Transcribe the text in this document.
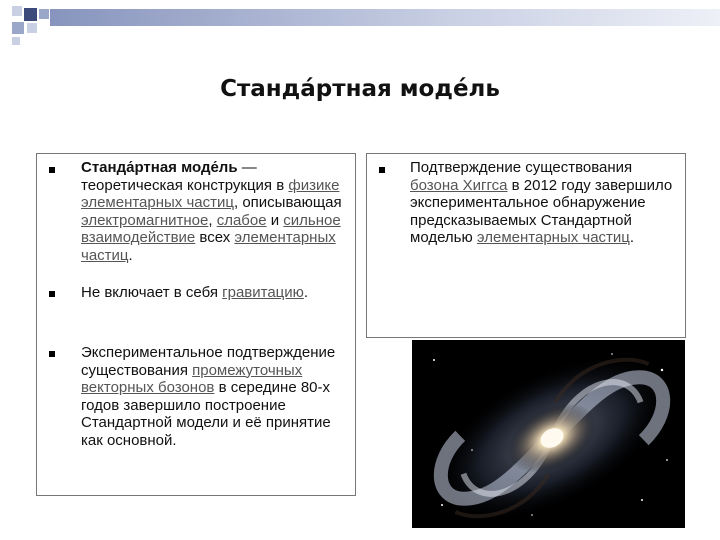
Станда́ртная моде́ль
Станда́ртная моде́ль — теоретическая конструкция в физике элементарных частиц, описывающая электромагнитное, слабое и сильное взаимодействие всех элементарных частиц.
Не включает в себя гравитацию.
Экспериментальное подтверждение существования промежуточных векторных бозонов в середине 80-х годов завершило построение Стандартной модели и её принятие как основной.
Подтверждение существования бозона Хиггса в 2012 году завершило экспериментальное обнаружение предсказываемых Стандартной моделью элементарных частиц.
